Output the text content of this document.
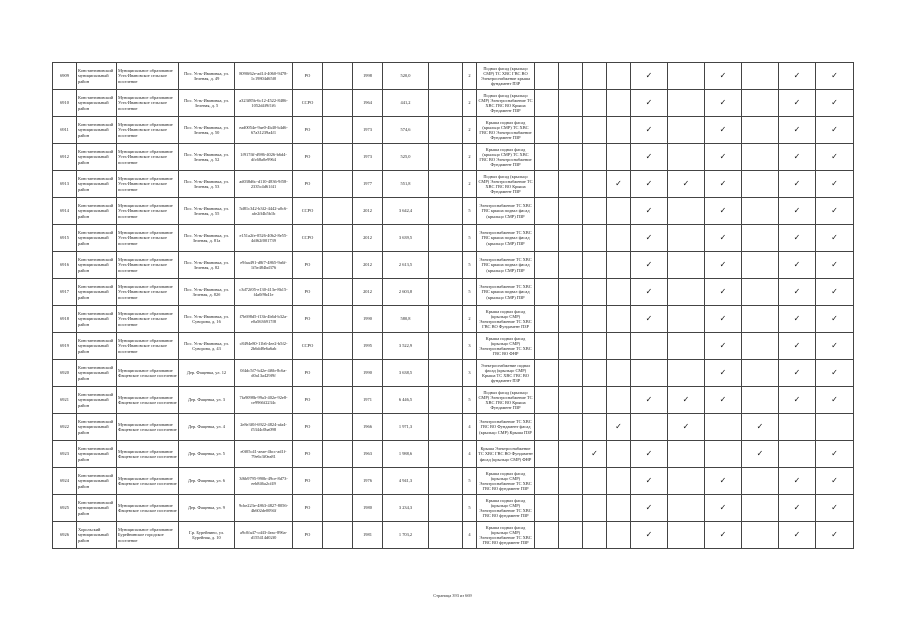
6909	Константиновский муниципальный район	Муниципальное образование Усть-Ивановское сельское поселение	Пос. Усть-Ивановка, ул. Зеленая, д. 49	8090f62e-ad14-4060-9478-1c19804d65f0	РО		1998	520,0		2	Подвал фасад (крыльцо СМР) ТС ХВС ГВС ВО Электроснабжение крыша фундамент ПЗР					✓		✓		✓	✓
6910	Константиновский муниципальный район	Муниципальное образование Усть-Ивановское сельское поселение	Пос. Усть-Ивановка, ул. Зеленая, д. 5	a323f85b-6c12-4522-8486-1052d4f9f1f6	ССРО		1964	441,2		2	Подвал фасад (крыльцо СМР) Электроснабжение ТС ХВС ГВС ВО Крыша Фундамент ПЗР					✓		✓		✓	✓
6911	Константиновский муниципальный район	Муниципальное образование Усть-Ивановское сельское поселение	Пос. Усть-Ивановка, ул. Зеленая, д. 50	ead0054e-9ae0-4b40-b4d6-67a31239a4f1	РО		1973	574,6		2	Крыша подвал фасад (крыльцо СМР) ТС ХВС ГВС ВО Электроснабжение Фундамент ПЗР					✓		✓		✓	✓
6912	Константиновский муниципальный район	Муниципальное образование Усть-Ивановское сельское поселение	Пос. Усть-Ивановка, ул. Зеленая, д. 52	1f917fff-d986-4026-b6d4-dfc68a0e9964	РО		1973	525,0		2	Крыша подвал фасад (крыльцо СМР) ТС ХВС ГВС ВО Электроснабжение Фундамент ПЗР					✓		✓		✓	✓
6913	Константиновский муниципальный район	Муниципальное образование Усть-Ивановское сельское поселение	Пос. Усть-Ивановка, ул. Зеленая, д. 53	ad038d6c-d110-4836-9f58-2335c4d61f41	РО		1977	551,8		2	Подвал фасад (крыльцо СМР) Электроснабжение ТС ХВС ГВС ВО Крыша Фундамент ПЗР				✓	✓	✓	✓		✓	✓
6914	Константиновский муниципальный район	Муниципальное образование Усть-Ивановское сельское поселение	Пос. Усть-Ивановка, ул. Зеленая, д. 55	5d81c342-b3f2-4442-a0c6-afe2ff4b5b1b	ССРО		2012	3 642,4		5	Электроснабжение ТС ХВС ГВС крыша подвал фасад (крыльцо СМР) ПЗР					✓		✓		✓	✓
6915	Константиновский муниципальный район	Муниципальное образование Усть-Ивановское сельское поселение	Пос. Усть-Ивановка, ул. Зеленая, д. 81а	e151a2fe-0526-40b2-8e55-4df62f001739	ССРО		2012	3 639,5		5	Электроснабжение ТС ХВС ГВС крыша подвал фасад (крыльцо СМР) ПЗР					✓		✓		✓	✓
6916	Константиновский муниципальный район	Муниципальное образование Усть-Ивановское сельское поселение	Пос. Усть-Ивановка, ул. Зеленая, д. 82	e9faa491-d8f7-4865-9a6f-1f5e484bd376	РО		2012	2 613,5		5	Электроснабжение ТС ХВС ГВС крыша подвал фасад (крыльцо СМР) ПЗР					✓		✓		✓	✓
6917	Константиновский муниципальный район	Муниципальное образование Усть-Ивановское сельское поселение	Пос. Усть-Ивановка, ул. Зеленая, д. 82б	c3d72f05-e130-413e-8b15-f4a0f9b41e	РО		2012	2 603,8		5	Электроснабжение ТС ХВС ГВС крыша подвал фасад (крыльцо СМР) ПЗР					✓		✓		✓	✓
6918	Константиновский муниципальный район	Муниципальное образование Усть-Ивановское сельское поселение	Пос. Усть-Ивановка, ул. Суворова, д. 16	f7b698d5-f13b-4b6d-b32a-e0a5636917f8	РО		1990	580,8		2	Крыша подвал фасад (крыльцо СМР) Электроснабжение ТС ХВС ГВС ВО Фундамент ПЗР					✓		✓		✓	✓
6919	Константиновский муниципальный район	Муниципальное образование Усть-Ивановское сельское поселение	Пос. Усть-Ивановка, ул. Суворова, д. 43	c8494e80-11b6-4ee2-b5f2-2b6dd8e6a6ab	ССРО		1995	3 522,9		3	Крыша подвал фасад (крыльцо СМР) Электроснабжение ТС ХВС ГВС ВО ФНР							✓		✓	✓
6920	Константиновский муниципальный район	Муниципальное образование Фащевское сельское поселение	Дер. Фащевка, ул. 12	0f4dc5f7-b42e-4f6b-8c6a-d0a13a429f9f	РО		1990	3 638,5		3	Электроснабжение подвал фасад (крыльцо СМР) Крыша ТС ХВС ГВС ВО фундамент ПЗР							✓		✓	✓
6921	Константиновский муниципальный район	Муниципальное образование Фащевское сельское поселение	Дер. Фащевка, ул. 3	7fa9098b-99a3-402e-92e8-ce9966f2234c	РО		1971	6 446,5		5	Подвал фасад (крыльцо СМР) Электроснабжение ТС ХВС ГВС ВО Крыша Фундамент ПЗР					✓	✓	✓		✓	✓
6922	Константиновский муниципальный район	Муниципальное образование Фащевское сельское поселение	Дер. Фащевка, ул. 4	2e8e3f0f-6922-4824-afa4-f5344c0ba098	РО		1966	1 971,3		4	Электроснабжение ТС ХВС ГВС ВО Фундамент фасад (крыльцо СМР) Крыша ПЗР				✓		✓		✓		
6923	Константиновский муниципальный район	Муниципальное образование Фащевское сельское поселение	Дер. Фащевка, ул. 5	e0f05c41-aeae-4bcc-ad1f-79e6c3f0ea81	РО		1963	1 988,6		4	Крыша Электроснабжение ТС ХВС ГВС ВО Фундамент фасад (крыльцо СМР) ФНР			✓		✓			✓		✓
6924	Константиновский муниципальный район	Муниципальное образование Фащевское сельское поселение	Дер. Фащевка, ул. 6	3f6b9795-990b-49ce-8d73-eeb846a2cf49	РО		1976	4 941,3		5	Крыша подвал фасад (крыльцо СМР) Электроснабжение ТС ХВС ГВС ВО фундамент ПЗР					✓		✓		✓	✓
6925	Константиновский муниципальный район	Муниципальное образование Фащевское сельское поселение	Дер. Фащевка, ул. 9	9cbe223e-4863-4827-8056-4b602de0094f	РО		1980	3 234,3		5	Крыша подвал фасад (крыльцо СМР) Электроснабжение ТС ХВС ГВС ВО фундамент ПЗР					✓		✓		✓	✓
6926	Хорольский муниципальный район	Муниципальное образование Бурейнинское городское поселение	Г.р. Бурейнино, ул. Бурейная, д. 10	a9c0fa47-cd43-4eac-896a-d155414d02f0	РО		1981	1 703,2		4	Крыша подвал фасад (крыльцо СМР) Электроснабжение ТС ХВС ГВС ВО фундамент ПЗР					✓		✓		✓	✓
Страница 393 из 669
